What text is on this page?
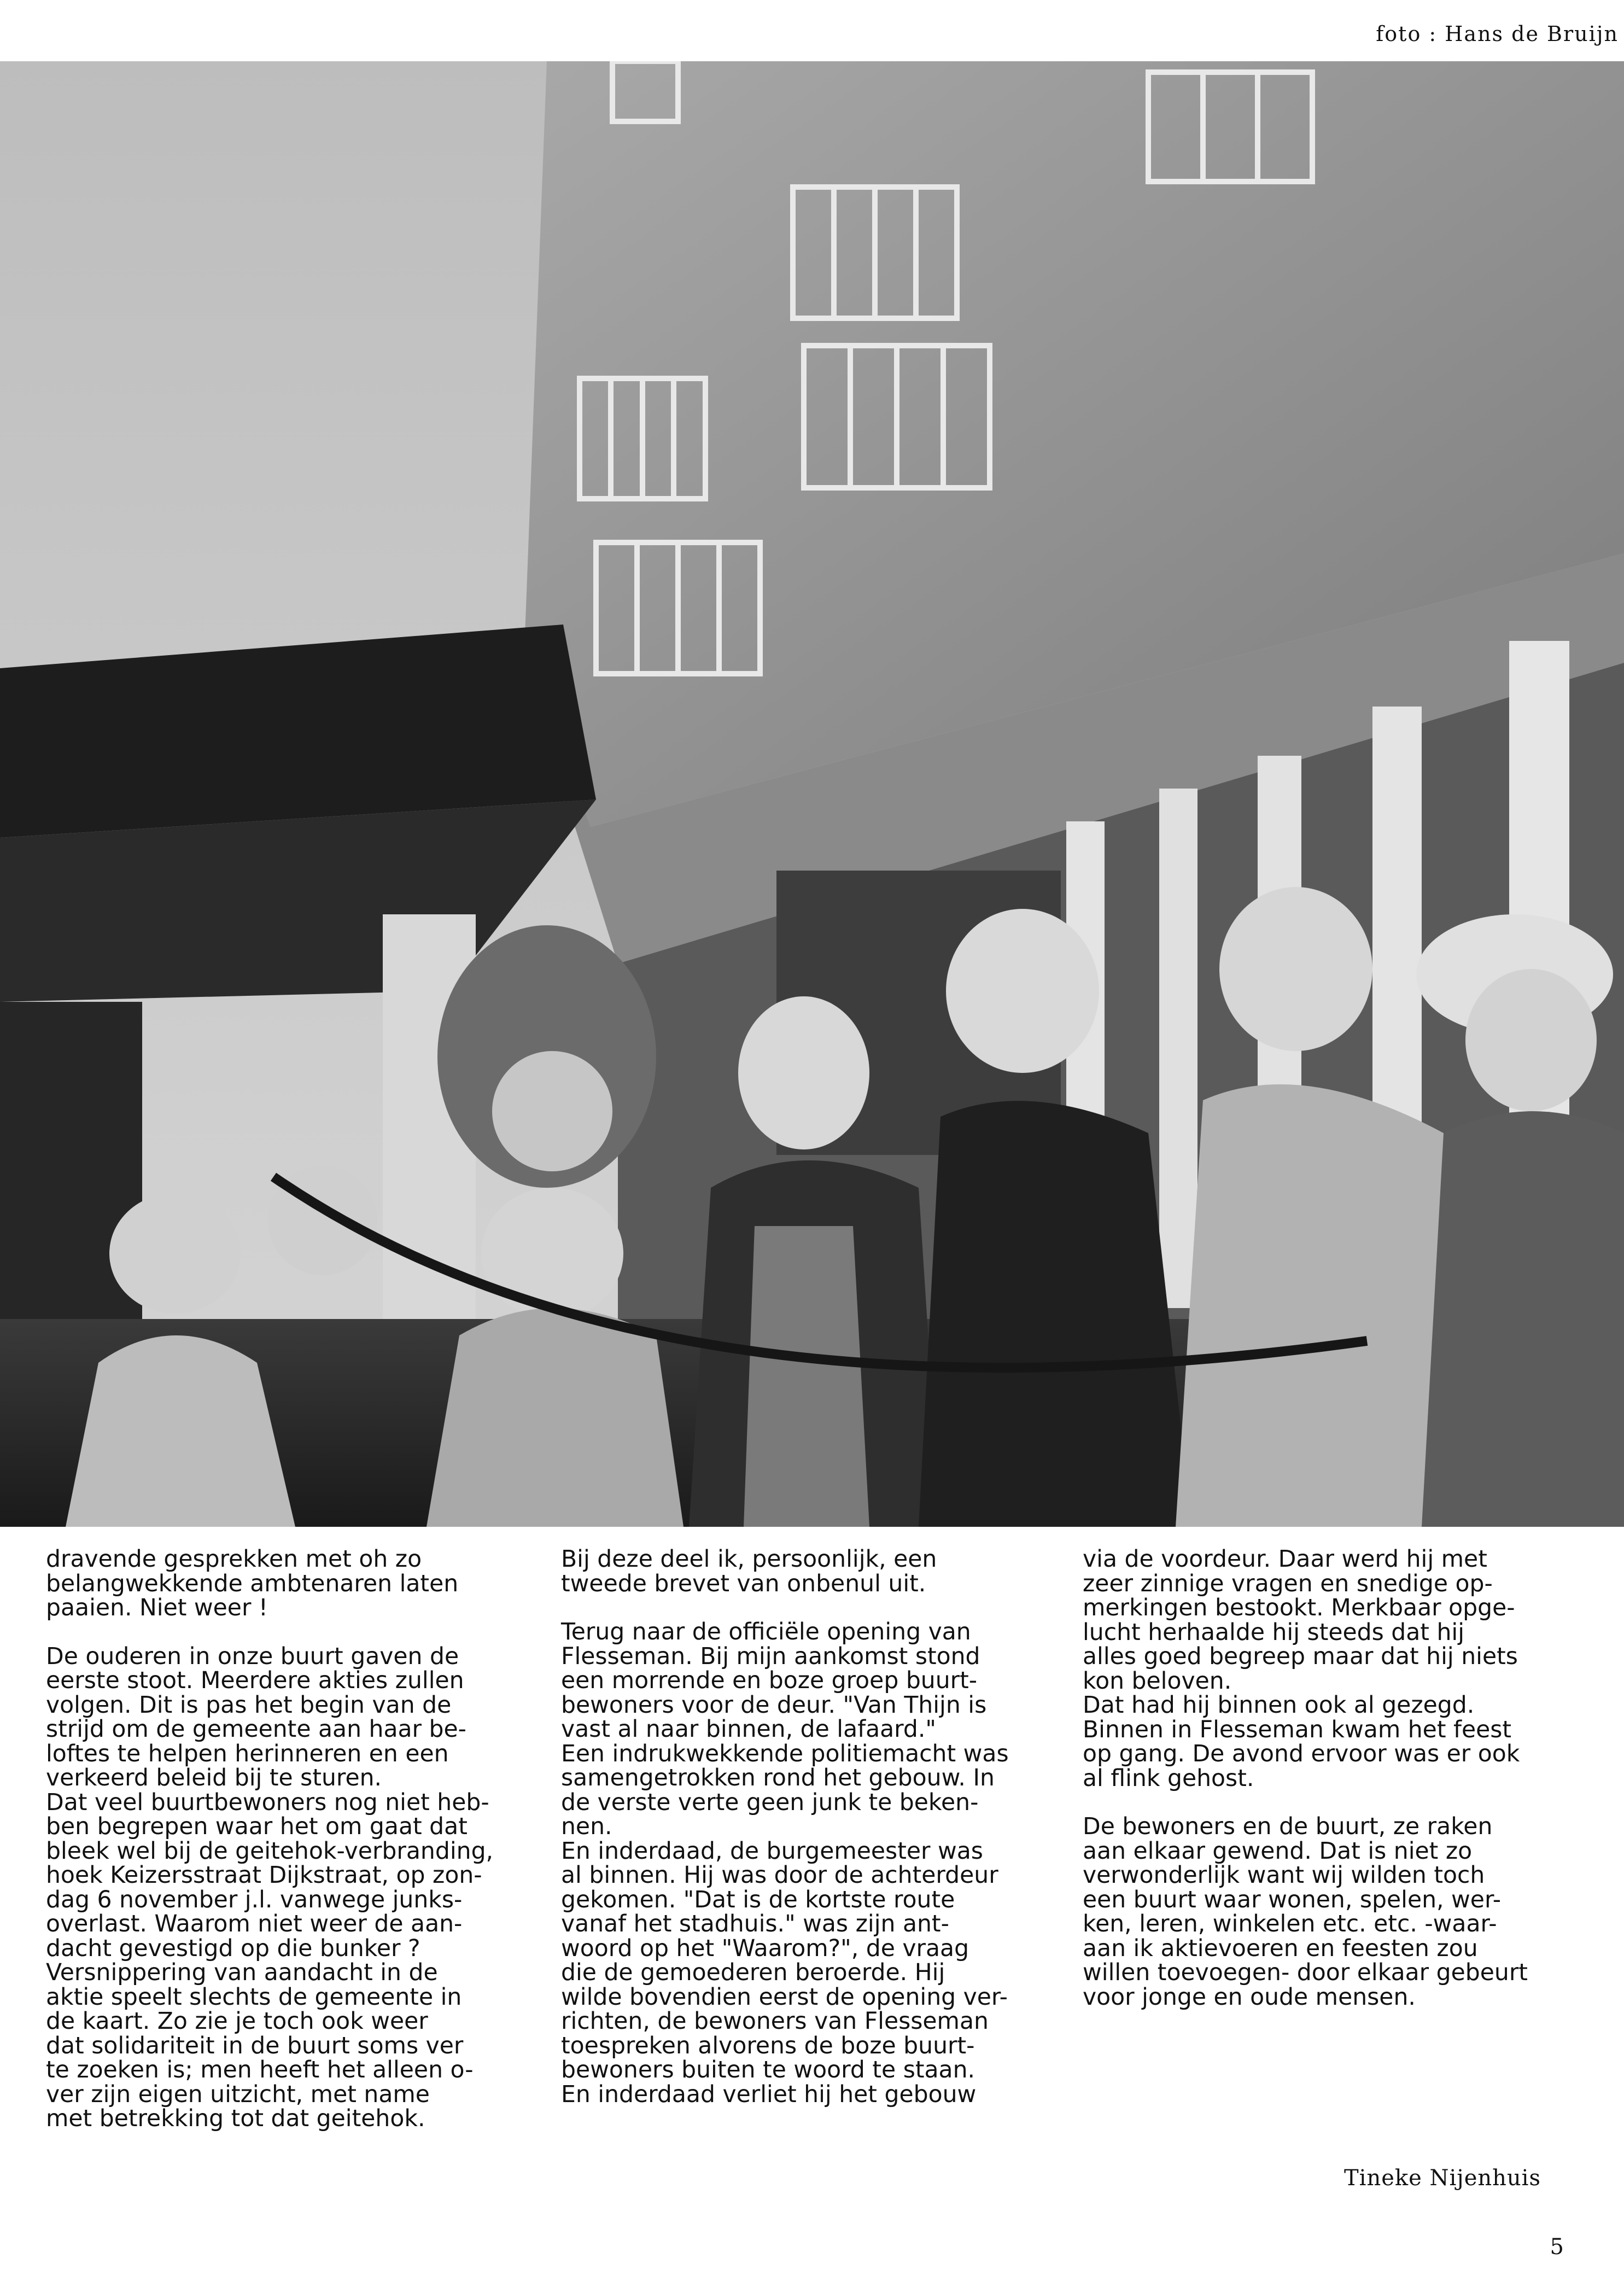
foto : Hans de Bruijn
dravende gesprekken met oh zo
belangwekkende ambtenaren laten
paaien. Niet weer !
De ouderen in onze buurt gaven de
eerste stoot. Meerdere akties zullen
volgen. Dit is pas het begin van de
strijd om de gemeente aan haar be-
loftes te helpen herinneren en een
verkeerd beleid bij te sturen.
Dat veel buurtbewoners nog niet heb-
ben begrepen waar het om gaat dat
bleek wel bij de geitehok-verbranding,
hoek Keizersstraat Dijkstraat, op zon-
dag 6 november j.l. vanwege junks-
overlast. Waarom niet weer de aan-
dacht gevestigd op die bunker ?
Versnippering van aandacht in de
aktie speelt slechts de gemeente in
de kaart. Zo zie je toch ook weer
dat solidariteit in de buurt soms ver
te zoeken is; men heeft het alleen o-
ver zijn eigen uitzicht, met name
met betrekking tot dat geitehok.
Bij deze deel ik, persoonlijk, een
tweede brevet van onbenul uit.
Terug naar de officiële opening van
Flesseman. Bij mijn aankomst stond
een morrende en boze groep buurt-
bewoners voor de deur. "Van Thijn is
vast al naar binnen, de lafaard."
Een indrukwekkende politiemacht was
samengetrokken rond het gebouw. In
de verste verte geen junk te beken-
nen.
En inderdaad, de burgemeester was
al binnen. Hij was door de achterdeur
gekomen. "Dat is de kortste route
vanaf het stadhuis." was zijn ant-
woord op het "Waarom?", de vraag
die de gemoederen beroerde. Hij
wilde bovendien eerst de opening ver-
richten, de bewoners van Flesseman
toespreken alvorens de boze buurt-
bewoners buiten te woord te staan.
En inderdaad verliet hij het gebouw
via de voordeur. Daar werd hij met
zeer zinnige vragen en snedige op-
merkingen bestookt. Merkbaar opge-
lucht herhaalde hij steeds dat hij
alles goed begreep maar dat hij niets
kon beloven.
Dat had hij binnen ook al gezegd.
Binnen in Flesseman kwam het feest
op gang. De avond ervoor was er ook
al flink gehost.
De bewoners en de buurt, ze raken
aan elkaar gewend. Dat is niet zo
verwonderlijk want wij wilden toch
een buurt waar wonen, spelen, wer-
ken, leren, winkelen etc. etc. -waar-
aan ik aktievoeren en feesten zou
willen toevoegen- door elkaar gebeurt
voor jonge en oude mensen.
Tineke Nijenhuis
5
